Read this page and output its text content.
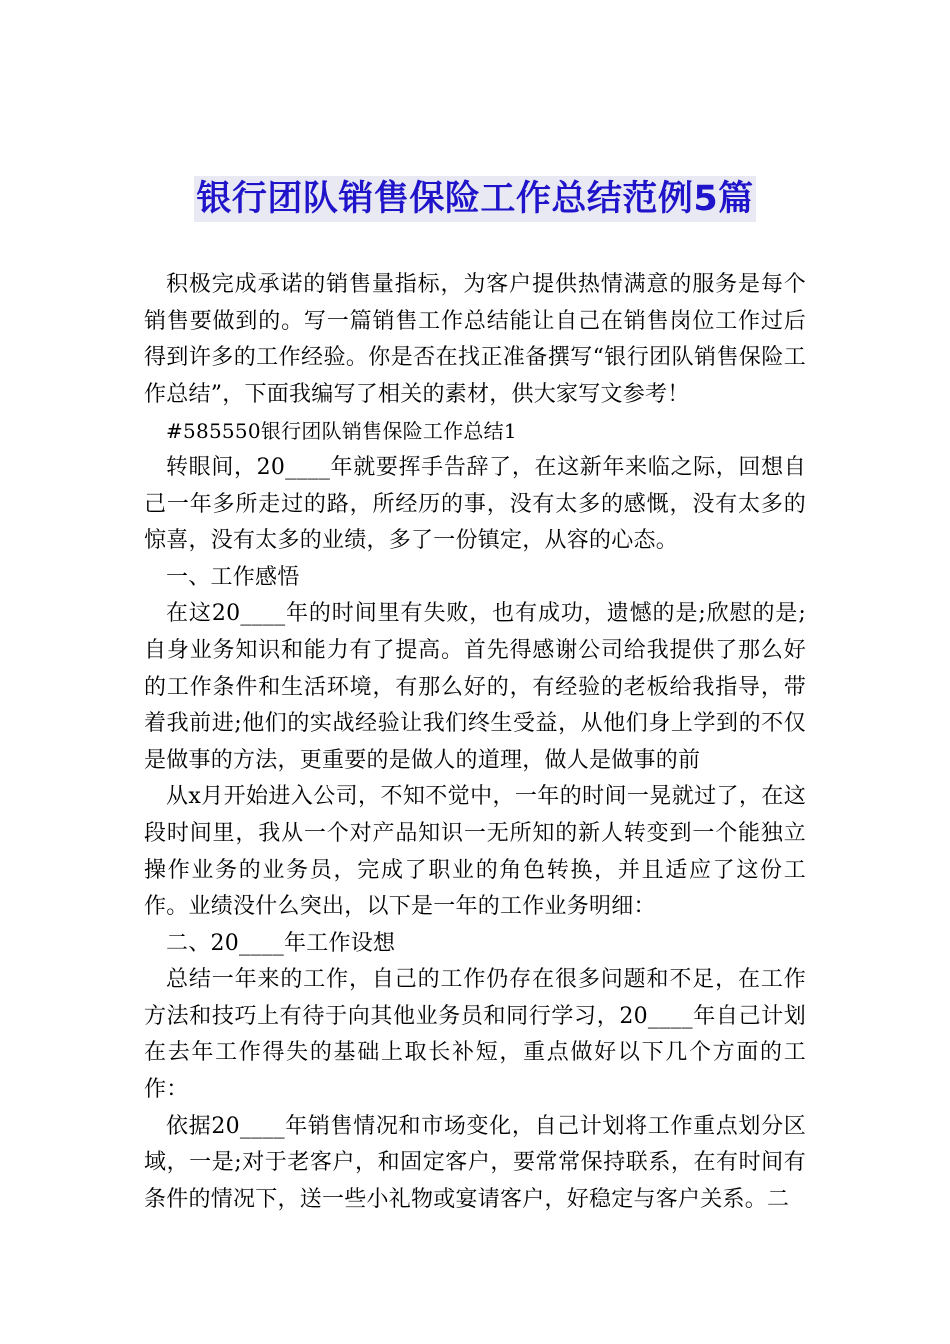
银行团队销售保险工作总结范例5篇

积极完成承诺的销售量指标，为客户提供热情满意的服务是每个销售要做到的。写一篇销售工作总结能让自己在销售岗位工作过后得到许多的工作经验。你是否在找正准备撰写“银行团队销售保险工作总结”，下面我编写了相关的素材，供大家写文参考！

#585550银行团队销售保险工作总结1

转眼间，20____年就要挥手告辞了，在这新年来临之际，回想自己一年多所走过的路，所经历的事，没有太多的感慨，没有太多的惊喜，没有太多的业绩，多了一份镇定，从容的心态。

一、工作感悟

在这20____年的时间里有失败，也有成功，遗憾的是;欣慰的是;自身业务知识和能力有了提高。首先得感谢公司给我提供了那么好的工作条件和生活环境，有那么好的，有经验的老板给我指导，带着我前进;他们的实战经验让我们终生受益，从他们身上学到的不仅是做事的方法，更重要的是做人的道理，做人是做事的前

从x月开始进入公司，不知不觉中，一年的时间一晃就过了，在这段时间里，我从一个对产品知识一无所知的新人转变到一个能独立操作业务的业务员，完成了职业的角色转换，并且适应了这份工作。业绩没什么突出，以下是一年的工作业务明细：

二、20____年工作设想

总结一年来的工作，自己的工作仍存在很多问题和不足，在工作方法和技巧上有待于向其他业务员和同行学习，20____年自己计划在去年工作得失的基础上取长补短，重点做好以下几个方面的工作：

依据20____年销售情况和市场变化，自己计划将工作重点划分区域，一是;对于老客户，和固定客户，要常常保持联系，在有时间有条件的情况下，送一些小礼物或宴请客户，好稳定与客户关系。二
